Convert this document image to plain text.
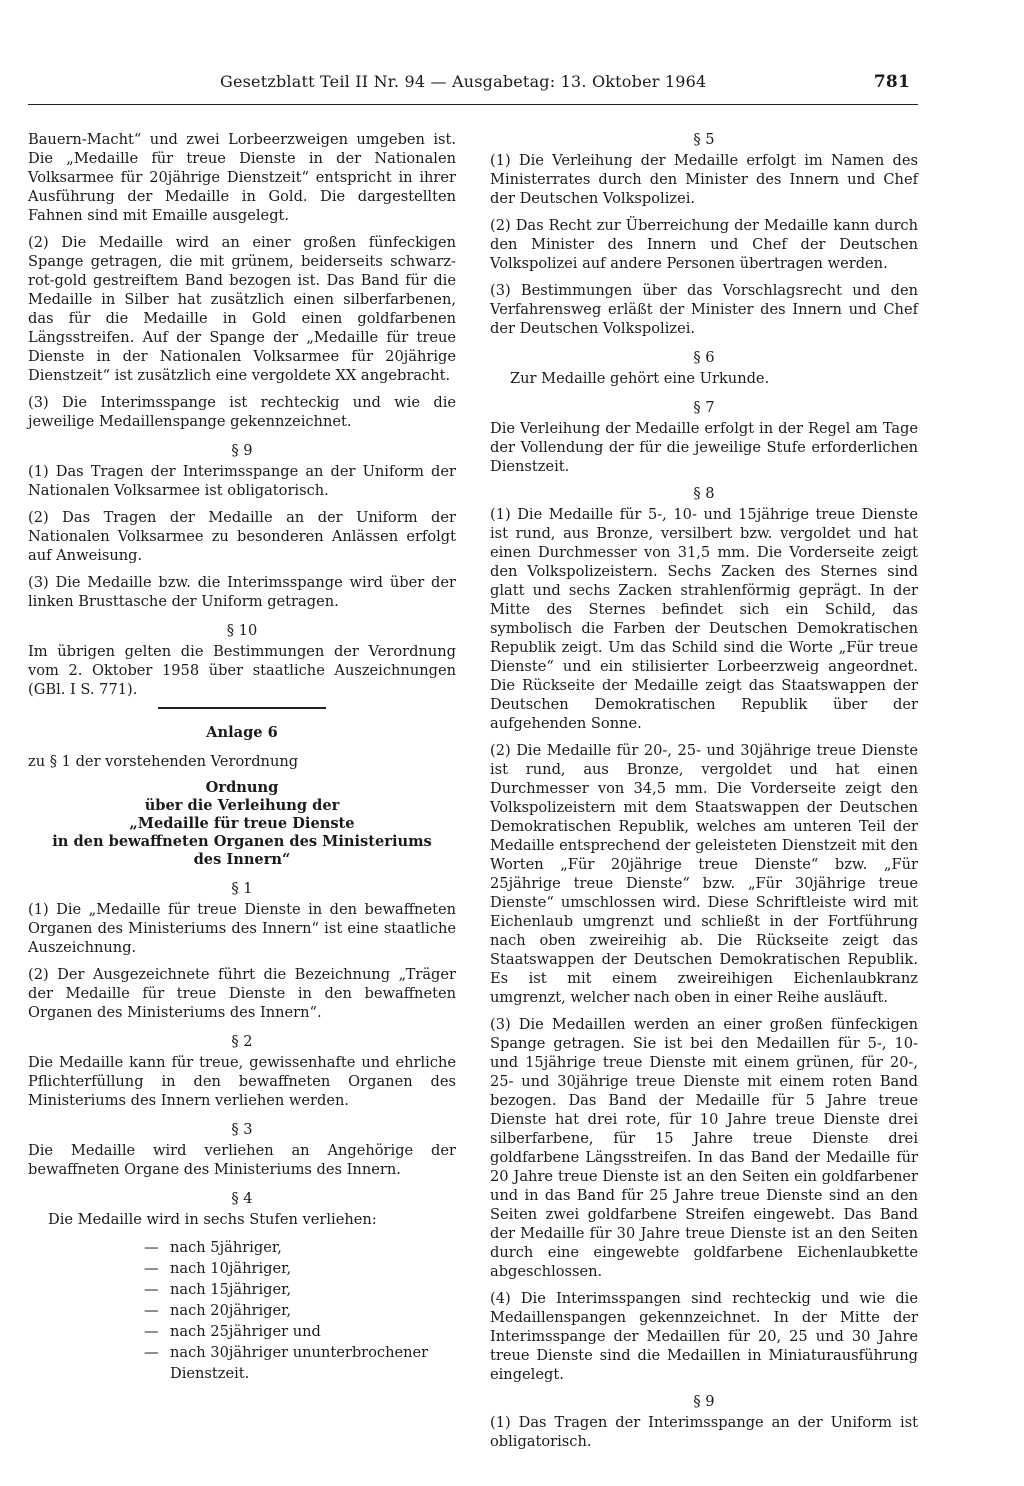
Gesetzblatt Teil II Nr. 94 — Ausgabetag: 13. Oktober 1964	781

Bauern-Macht“ und zwei Lorbeerzweigen umgeben ist. Die „Medaille für treue Dienste in der Nationalen Volksarmee für 20jährige Dienstzeit“ entspricht in ihrer Ausführung der Medaille in Gold. Die dargestellten Fahnen sind mit Emaille ausgelegt.

(2) Die Medaille wird an einer großen fünfeckigen Spange getragen, die mit grünem, beiderseits schwarz-rot-gold gestreiftem Band bezogen ist. Das Band für die Medaille in Silber hat zusätzlich einen silberfarbenen, das für die Medaille in Gold einen goldfarbenen Längsstreifen. Auf der Spange der „Medaille für treue Dienste in der Nationalen Volksarmee für 20jährige Dienstzeit“ ist zusätzlich eine vergoldete XX angebracht.

(3) Die Interimsspange ist rechteckig und wie die jeweilige Medaillenspange gekennzeichnet.

§ 9

(1) Das Tragen der Interimsspange an der Uniform der Nationalen Volksarmee ist obligatorisch.

(2) Das Tragen der Medaille an der Uniform der Nationalen Volksarmee zu besonderen Anlässen erfolgt auf Anweisung.

(3) Die Medaille bzw. die Interimsspange wird über der linken Brusttasche der Uniform getragen.

§ 10

Im übrigen gelten die Bestimmungen der Verordnung vom 2. Oktober 1958 über staatliche Auszeichnungen (GBl. I S. 771).

Anlage 6

zu § 1 der vorstehenden Verordnung

Ordnung
über die Verleihung der
„Medaille für treue Dienste
in den bewaffneten Organen des Ministeriums
des Innern“
§ 1

(1) Die „Medaille für treue Dienste in den bewaffneten Organen des Ministeriums des Innern“ ist eine staatliche Auszeichnung.

(2) Der Ausgezeichnete führt die Bezeichnung „Träger der Medaille für treue Dienste in den bewaffneten Organen des Ministeriums des Innern“.

§ 2

Die Medaille kann für treue, gewissenhafte und ehrliche Pflichterfüllung in den bewaffneten Organen des Ministeriums des Innern verliehen werden.

§ 3

Die Medaille wird verliehen an Angehörige der bewaffneten Organe des Ministeriums des Innern.

§ 4

Die Medaille wird in sechs Stufen verliehen:

— nach 5jähriger,
— nach 10jähriger,
— nach 15jähriger,
— nach 20jähriger,
— nach 25jähriger und
— nach 30jähriger ununterbrochener Dienstzeit.
§ 5

(1) Die Verleihung der Medaille erfolgt im Namen des Ministerrates durch den Minister des Innern und Chef der Deutschen Volkspolizei.

(2) Das Recht zur Überreichung der Medaille kann durch den Minister des Innern und Chef der Deutschen Volkspolizei auf andere Personen übertragen werden.

(3) Bestimmungen über das Vorschlagsrecht und den Verfahrensweg erläßt der Minister des Innern und Chef der Deutschen Volkspolizei.

§ 6

Zur Medaille gehört eine Urkunde.

§ 7

Die Verleihung der Medaille erfolgt in der Regel am Tage der Vollendung der für die jeweilige Stufe erforderlichen Dienstzeit.

§ 8

(1) Die Medaille für 5-, 10- und 15jährige treue Dienste ist rund, aus Bronze, versilbert bzw. vergoldet und hat einen Durchmesser von 31,5 mm. Die Vorderseite zeigt den Volkspolizeistern. Sechs Zacken des Sternes sind glatt und sechs Zacken strahlenförmig geprägt. In der Mitte des Sternes befindet sich ein Schild, das symbolisch die Farben der Deutschen Demokratischen Republik zeigt. Um das Schild sind die Worte „Für treue Dienste“ und ein stilisierter Lorbeerzweig angeordnet. Die Rückseite der Medaille zeigt das Staatswappen der Deutschen Demokratischen Republik über der aufgehenden Sonne.

(2) Die Medaille für 20-, 25- und 30jährige treue Dienste ist rund, aus Bronze, vergoldet und hat einen Durchmesser von 34,5 mm. Die Vorderseite zeigt den Volkspolizeistern mit dem Staatswappen der Deutschen Demokratischen Republik, welches am unteren Teil der Medaille entsprechend der geleisteten Dienstzeit mit den Worten „Für 20jährige treue Dienste“ bzw. „Für 25jährige treue Dienste“ bzw. „Für 30jährige treue Dienste“ umschlossen wird. Diese Schriftleiste wird mit Eichenlaub umgrenzt und schließt in der Fortführung nach oben zweireihig ab. Die Rückseite zeigt das Staatswappen der Deutschen Demokratischen Republik. Es ist mit einem zweireihigen Eichenlaubkranz umgrenzt, welcher nach oben in einer Reihe ausläuft.

(3) Die Medaillen werden an einer großen fünfeckigen Spange getragen. Sie ist bei den Medaillen für 5-, 10- und 15jährige treue Dienste mit einem grünen, für 20-, 25- und 30jährige treue Dienste mit einem roten Band bezogen. Das Band der Medaille für 5 Jahre treue Dienste hat drei rote, für 10 Jahre treue Dienste drei silberfarbene, für 15 Jahre treue Dienste drei goldfarbene Längsstreifen. In das Band der Medaille für 20 Jahre treue Dienste ist an den Seiten ein goldfarbener und in das Band für 25 Jahre treue Dienste sind an den Seiten zwei goldfarbene Streifen eingewebt. Das Band der Medaille für 30 Jahre treue Dienste ist an den Seiten durch eine eingewebte goldfarbene Eichenlaubkette abgeschlossen.

(4) Die Interimsspangen sind rechteckig und wie die Medaillenspangen gekennzeichnet. In der Mitte der Interimsspange der Medaillen für 20, 25 und 30 Jahre treue Dienste sind die Medaillen in Miniaturausführung eingelegt.

§ 9

(1) Das Tragen der Interimsspange an der Uniform ist obligatorisch.
